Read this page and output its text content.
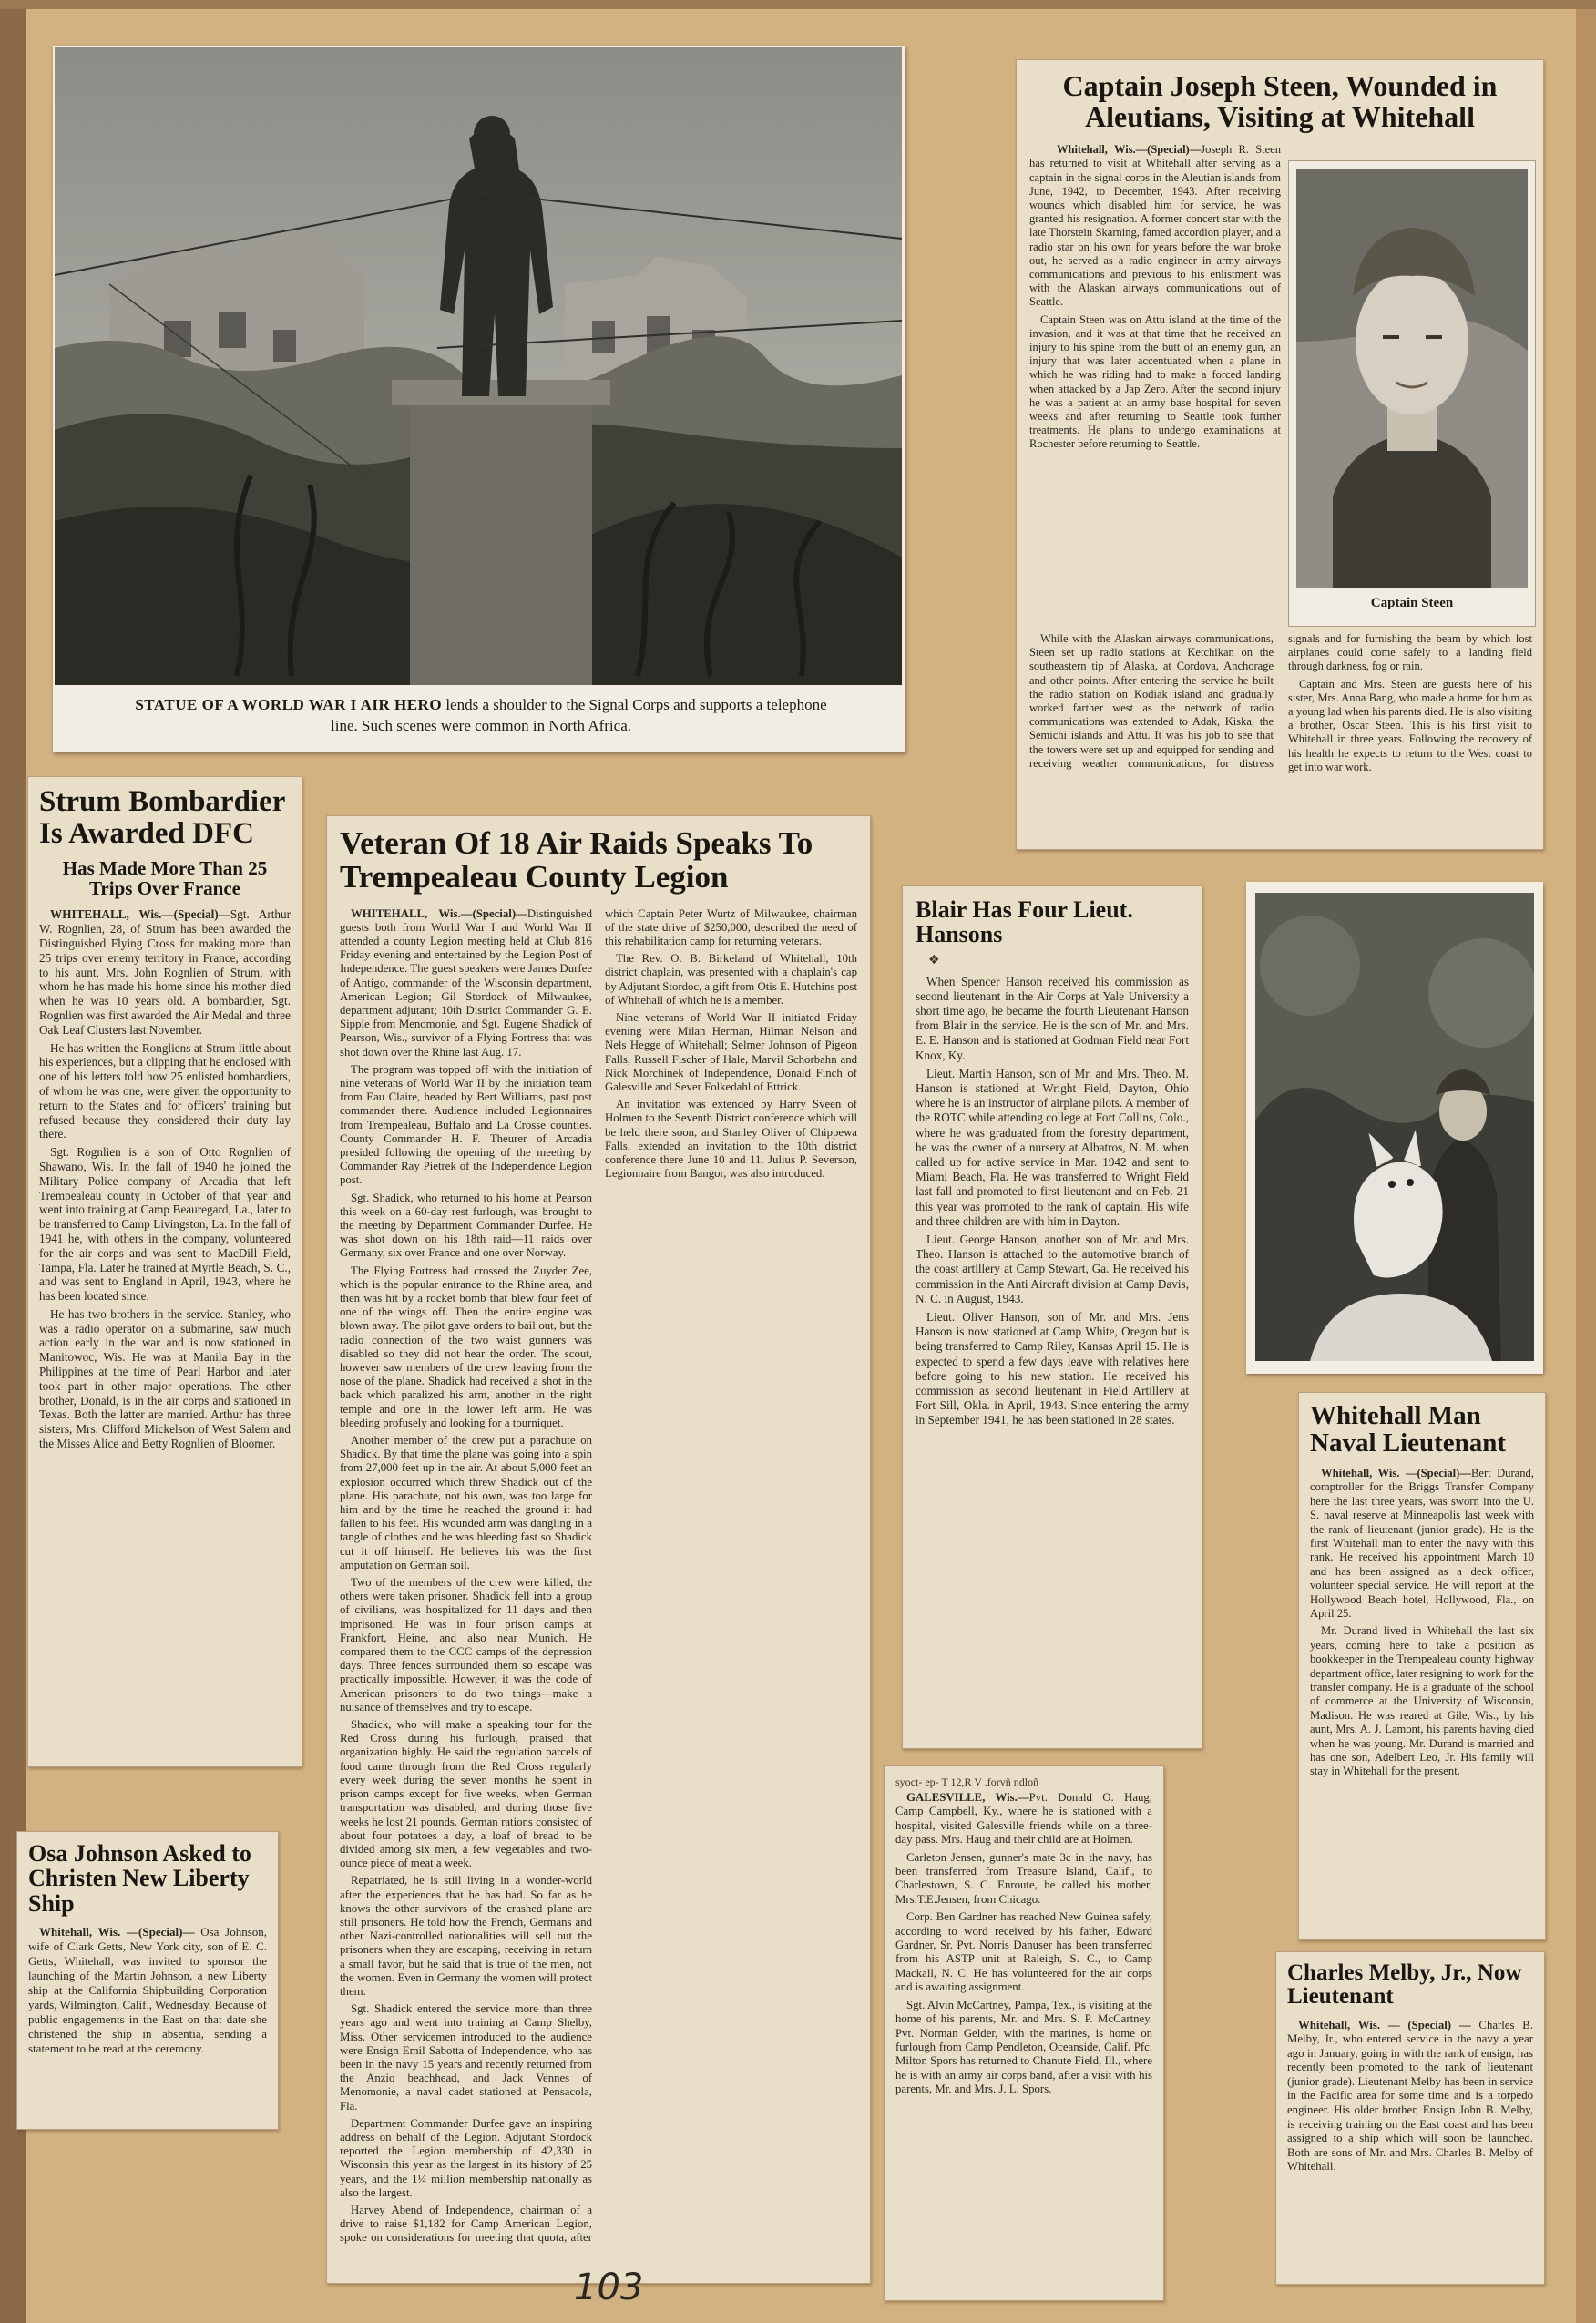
STATUE OF A WORLD WAR I AIR HERO lends a shoulder to the Signal Corps and supports a telephone line. Such scenes were common in North Africa.
Captain Joseph Steen, Wounded in Aleutians, Visiting at Whitehall
Captain Steen

Whitehall, Wis.—(Special)—Joseph R. Steen has returned to visit at Whitehall after serving as a captain in the signal corps in the Aleutian islands from June, 1942, to December, 1943. After receiving wounds which disabled him for service, he was granted his resignation. A former concert star with the late Thorstein Skarning, famed accordion player, and a radio star on his own for years before the war broke out, he served as a radio engineer in army airways communications and previous to his enlistment was with the Alaskan airways communications out of Seattle.

Captain Steen was on Attu island at the time of the invasion, and it was at that time that he received an injury to his spine from the butt of an enemy gun, an injury that was later accentuated when a plane in which he was riding had to make a forced landing when attacked by a Jap Zero. After the second injury he was a patient at an army base hospital for seven weeks and after returning to Seattle took further treatments. He plans to undergo examinations at Rochester before returning to Seattle.

While with the Alaskan airways communications, Steen set up radio stations at Ketchikan on the southeastern tip of Alaska, at Cordova, Anchorage and other points. After entering the service he built the radio station on Kodiak island and gradually worked farther west as the network of radio communications was extended to Adak, Kiska, the Semichi islands and Attu. It was his job to see that the towers were set up and equipped for sending and receiving weather communications, for distress signals and for furnishing the beam by which lost airplanes could come safely to a landing field through darkness, fog or rain.

Captain and Mrs. Steen are guests here of his sister, Mrs. Anna Bang, who made a home for him as a young lad when his parents died. He is also visiting a brother, Oscar Steen. This is his first visit to Whitehall in three years. Following the recovery of his health he expects to return to the West coast to get into war work.

Strum Bombardier Is Awarded DFC
Has Made More Than 25 Trips Over France

WHITEHALL, Wis.—(Special)—Sgt. Arthur W. Rognlien, 28, of Strum has been awarded the Distinguished Flying Cross for making more than 25 trips over enemy territory in France, according to his aunt, Mrs. John Rognlien of Strum, with whom he has made his home since his mother died when he was 10 years old. A bombardier, Sgt. Rognlien was first awarded the Air Medal and three Oak Leaf Clusters last November.

He has written the Rongliens at Strum little about his experiences, but a clipping that he enclosed with one of his letters told how 25 enlisted bombardiers, of whom he was one, were given the opportunity to return to the States and for officers' training but refused because they considered their duty lay there.

Sgt. Rognlien is a son of Otto Rognlien of Shawano, Wis. In the fall of 1940 he joined the Military Police company of Arcadia that left Trempealeau county in October of that year and went into training at Camp Beauregard, La., later to be transferred to Camp Livingston, La. In the fall of 1941 he, with others in the company, volunteered for the air corps and was sent to MacDill Field, Tampa, Fla. Later he trained at Myrtle Beach, S. C., and was sent to England in April, 1943, where he has been located since.

He has two brothers in the service. Stanley, who was a radio operator on a submarine, saw much action early in the war and is now stationed in Manitowoc, Wis. He was at Manila Bay in the Philippines at the time of Pearl Harbor and later took part in other major operations. The other brother, Donald, is in the air corps and stationed in Texas. Both the latter are married. Arthur has three sisters, Mrs. Clifford Mickelson of West Salem and the Misses Alice and Betty Rognlien of Bloomer.

Osa Johnson Asked to Christen New Liberty Ship

Whitehall, Wis. —(Special)— Osa Johnson, wife of Clark Getts, New York city, son of E. C. Getts, Whitehall, was invited to sponsor the launching of the Martin Johnson, a new Liberty ship at the California Shipbuilding Corporation yards, Wilmington, Calif., Wednesday. Because of public engagements in the East on that date she christened the ship in absentia, sending a statement to be read at the ceremony.

Veteran Of 18 Air Raids Speaks To Trempealeau County Legion

WHITEHALL, Wis.—(Special)—Distinguished guests both from World War I and World War II attended a county Legion meeting held at Club 816 Friday evening and entertained by the Legion Post of Independence. The guest speakers were James Durfee of Antigo, commander of the Wisconsin department, American Legion; Gil Stordock of Milwaukee, department adjutant; 10th District Commander G. E. Sipple from Menomonie, and Sgt. Eugene Shadick of Pearson, Wis., survivor of a Flying Fortress that was shot down over the Rhine last Aug. 17.

The program was topped off with the initiation of nine veterans of World War II by the initiation team from Eau Claire, headed by Bert Williams, past post commander there. Audience included Legionnaires from Trempealeau, Buffalo and La Crosse counties. County Commander H. F. Theurer of Arcadia presided following the opening of the meeting by Commander Ray Pietrek of the Independence Legion post.

Sgt. Shadick, who returned to his home at Pearson this week on a 60-day rest furlough, was brought to the meeting by Department Commander Durfee. He was shot down on his 18th raid—11 raids over Germany, six over France and one over Norway.

The Flying Fortress had crossed the Zuyder Zee, which is the popular entrance to the Rhine area, and then was hit by a rocket bomb that blew four feet of one of the wings off. Then the entire engine was blown away. The pilot gave orders to bail out, but the radio connection of the two waist gunners was disabled so they did not hear the order. The scout, however saw members of the crew leaving from the nose of the plane. Shadick had received a shot in the back which paralized his arm, another in the right temple and one in the lower left arm. He was bleeding profusely and looking for a tourniquet.

Another member of the crew put a parachute on Shadick. By that time the plane was going into a spin from 27,000 feet up in the air. At about 5,000 feet an explosion occurred which threw Shadick out of the plane. His parachute, not his own, was too large for him and by the time he reached the ground it had fallen to his feet. His wounded arm was dangling in a tangle of clothes and he was bleeding fast so Shadick cut it off himself. He believes his was the first amputation on German soil.

Two of the members of the crew were killed, the others were taken prisoner. Shadick fell into a group of civilians, was hospitalized for 11 days and then imprisoned. He was in four prison camps at Frankfort, Heine, and also near Munich. He compared them to the CCC camps of the depression days. Three fences surrounded them so escape was practically impossible. However, it was the code of American prisoners to do two things—make a nuisance of themselves and try to escape.

Shadick, who will make a speaking tour for the Red Cross during his furlough, praised that organization highly. He said the regulation parcels of food came through from the Red Cross regularly every week during the seven months he spent in prison camps except for five weeks, when German transportation was disabled, and during those five weeks he lost 21 pounds. German rations consisted of about four potatoes a day, a loaf of bread to be divided among six men, a few vegetables and two-ounce piece of meat a week.

Repatriated, he is still living in a wonder-world after the experiences that he has had. So far as he knows the other survivors of the crashed plane are still prisoners. He told how the French, Germans and other Nazi-controlled nationalities will sell out the prisoners when they are escaping, receiving in return a small favor, but he said that is true of the men, not the women. Even in Germany the women will protect them.

Sgt. Shadick entered the service more than three years ago and went into training at Camp Shelby, Miss. Other servicemen introduced to the audience were Ensign Emil Sabotta of Independence, who has been in the navy 15 years and recently returned from the Anzio beachhead, and Jack Vennes of Menomonie, a naval cadet stationed at Pensacola, Fla.

Department Commander Durfee gave an inspiring address on behalf of the Legion. Adjutant Stordock reported the Legion membership of 42,330 in Wisconsin this year as the largest in its history of 25 years, and the 1¼ million membership nationally as also the largest.

Harvey Abend of Independence, chairman of a drive to raise $1,182 for Camp American Legion, spoke on considerations for meeting that quota, after which Captain Peter Wurtz of Milwaukee, chairman of the state drive of $250,000, described the need of this rehabilitation camp for returning veterans.

The Rev. O. B. Birkeland of Whitehall, 10th district chaplain, was presented with a chaplain's cap by Adjutant Stordoc, a gift from Otis E. Hutchins post of Whitehall of which he is a member.

Nine veterans of World War II initiated Friday evening were Milan Herman, Hilman Nelson and Nels Hegge of Whitehall; Selmer Johnson of Pigeon Falls, Russell Fischer of Hale, Marvil Schorbahn and Nick Morchinek of Independence, Donald Finch of Galesville and Sever Folkedahl of Ettrick.

An invitation was extended by Harry Sveen of Holmen to the Seventh District conference which will be held there soon, and Stanley Oliver of Chippewa Falls, extended an invitation to the 10th district conference there June 10 and 11. Julius P. Severson, Legionnaire from Bangor, was also introduced.

Blair Has Four Lieut. Hansons
❖

When Spencer Hanson received his commission as second lieutenant in the Air Corps at Yale University a short time ago, he became the fourth Lieutenant Hanson from Blair in the service. He is the son of Mr. and Mrs. E. E. Hanson and is stationed at Godman Field near Fort Knox, Ky.

Lieut. Martin Hanson, son of Mr. and Mrs. Theo. M. Hanson is stationed at Wright Field, Dayton, Ohio where he is an instructor of airplane pilots. A member of the ROTC while attending college at Fort Collins, Colo., where he was graduated from the forestry department, he was the owner of a nursery at Albatros, N. M. when called up for active service in Mar. 1942 and sent to Miami Beach, Fla. He was transferred to Wright Field last fall and promoted to first lieutenant and on Feb. 21 this year was promoted to the rank of captain. His wife and three children are with him in Dayton.

Lieut. George Hanson, another son of Mr. and Mrs. Theo. Hanson is attached to the automotive branch of the coast artillery at Camp Stewart, Ga. He received his commission in the Anti Aircraft division at Camp Davis, N. C. in August, 1943.

Lieut. Oliver Hanson, son of Mr. and Mrs. Jens Hanson is now stationed at Camp White, Oregon but is being transferred to Camp Riley, Kansas April 15. He is expected to spend a few days leave with relatives here before going to his new station. He received his commission as second lieutenant in Field Artillery at Fort Sill, Okla. in April, 1943. Since entering the army in September 1941, he has been stationed in 28 states.

syoct- ep- T 12,R V .forvñ ndloñ

GALESVILLE, Wis.—Pvt. Donald O. Haug, Camp Campbell, Ky., where he is stationed with a hospital, visited Galesville friends while on a three-day pass. Mrs. Haug and their child are at Holmen.

Carleton Jensen, gunner's mate 3c in the navy, has been transferred from Treasure Island, Calif., to Charlestown, S. C. Enroute, he called his mother, Mrs.T.E.Jensen, from Chicago.

Corp. Ben Gardner has reached New Guinea safely, according to word received by his father, Edward Gardner, Sr. Pvt. Norris Danuser has been transferred from his ASTP unit at Raleigh, S. C., to Camp Mackall, N. C. He has volunteered for the air corps and is awaiting assignment.

Sgt. Alvin McCartney, Pampa, Tex., is visiting at the home of his parents, Mr. and Mrs. S. P. McCartney. Pvt. Norman Gelder, with the marines, is home on furlough from Camp Pendleton, Oceanside, Calif. Pfc. Milton Spors has returned to Chanute Field, Ill., where he is with an army air corps band, after a visit with his parents, Mr. and Mrs. J. L. Spors.

Whitehall Man Naval Lieutenant

Whitehall, Wis. —(Special)—Bert Durand, comptroller for the Briggs Transfer Company here the last three years, was sworn into the U. S. naval reserve at Minneapolis last week with the rank of lieutenant (junior grade). He is the first Whitehall man to enter the navy with this rank. He received his appointment March 10 and has been assigned as a deck officer, volunteer special service. He will report at the Hollywood Beach hotel, Hollywood, Fla., on April 25.

Mr. Durand lived in Whitehall the last six years, coming here to take a position as bookkeeper in the Trempealeau county highway department office, later resigning to work for the transfer company. He is a graduate of the school of commerce at the University of Wisconsin, Madison. He was reared at Gile, Wis., by his aunt, Mrs. A. J. Lamont, his parents having died when he was young. Mr. Durand is married and has one son, Adelbert Leo, Jr. His family will stay in Whitehall for the present.

Charles Melby, Jr., Now Lieutenant

Whitehall, Wis. — (Special) — Charles B. Melby, Jr., who entered service in the navy a year ago in January, going in with the rank of ensign, has recently been promoted to the rank of lieutenant (junior grade). Lieutenant Melby has been in service in the Pacific area for some time and is a torpedo engineer. His older brother, Ensign John B. Melby, is receiving training on the East coast and has been assigned to a ship which will soon be launched. Both are sons of Mr. and Mrs. Charles B. Melby of Whitehall.

103
